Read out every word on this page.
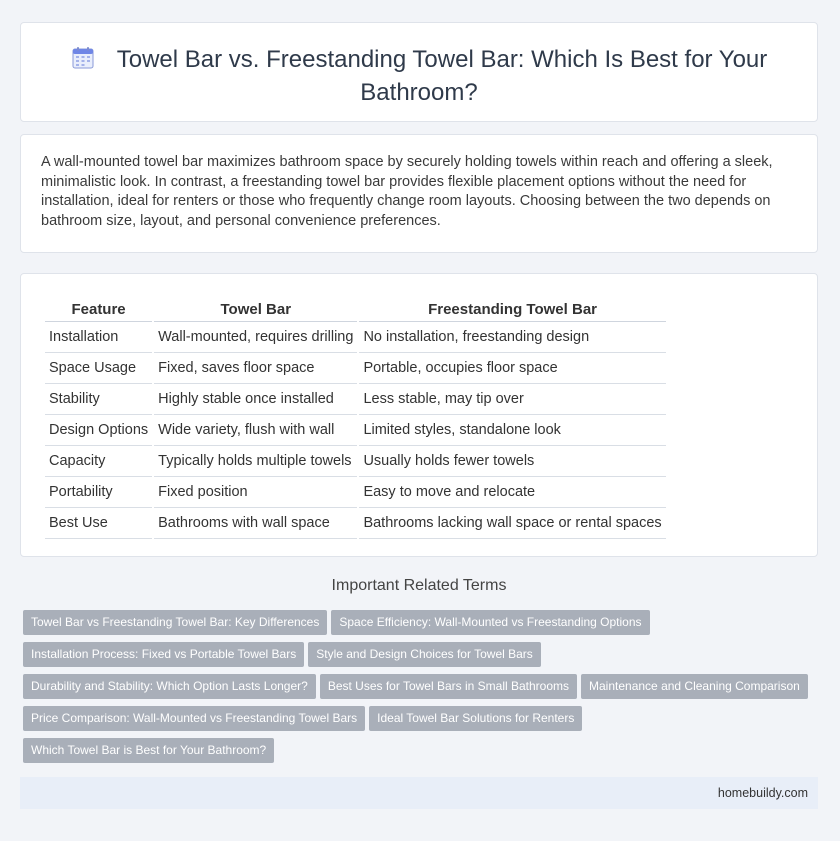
Towel Bar vs. Freestanding Towel Bar: Which Is Best for Your Bathroom?
A wall-mounted towel bar maximizes bathroom space by securely holding towels within reach and offering a sleek, minimalistic look. In contrast, a freestanding towel bar provides flexible placement options without the need for installation, ideal for renters or those who frequently change room layouts. Choosing between the two depends on bathroom size, layout, and personal convenience preferences.
Feature	Towel Bar	Freestanding Towel Bar
Installation	Wall-mounted, requires drilling	No installation, freestanding design
Space Usage	Fixed, saves floor space	Portable, occupies floor space
Stability	Highly stable once installed	Less stable, may tip over
Design Options	Wide variety, flush with wall	Limited styles, standalone look
Capacity	Typically holds multiple towels	Usually holds fewer towels
Portability	Fixed position	Easy to move and relocate
Best Use	Bathrooms with wall space	Bathrooms lacking wall space or rental spaces
Important Related Terms
Towel Bar vs Freestanding Towel Bar: Key Differences Space Efficiency: Wall-Mounted vs Freestanding Options
Installation Process: Fixed vs Portable Towel Bars Style and Design Choices for Towel Bars
Durability and Stability: Which Option Lasts Longer? Best Uses for Towel Bars in Small Bathrooms Maintenance and Cleaning Comparison
Price Comparison: Wall-Mounted vs Freestanding Towel Bars Ideal Towel Bar Solutions for Renters
Which Towel Bar is Best for Your Bathroom?
homebuildy.com
